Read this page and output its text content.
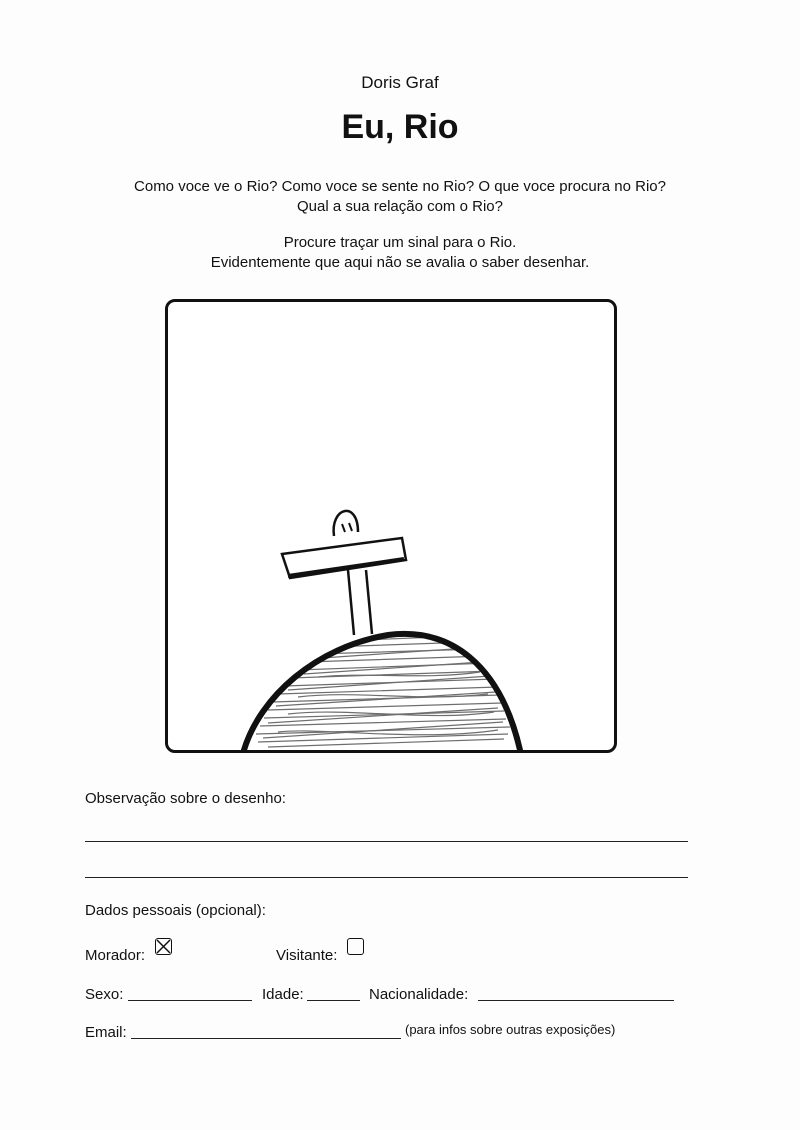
Doris Graf
Eu, Rio
Como voce ve o Rio? Como voce se sente no Rio? O que voce procura no Rio?
Qual a sua relação com o Rio?
Procure traçar um sinal para o Rio.
Evidentemente que aqui não se avalia o saber desenhar.
Observação sobre o desenho:
Dados pessoais (opcional):
Morador:	Visitante:
Sexo:	Idade:	Nacionalidade:
Email:	(para infos sobre outras exposições)
